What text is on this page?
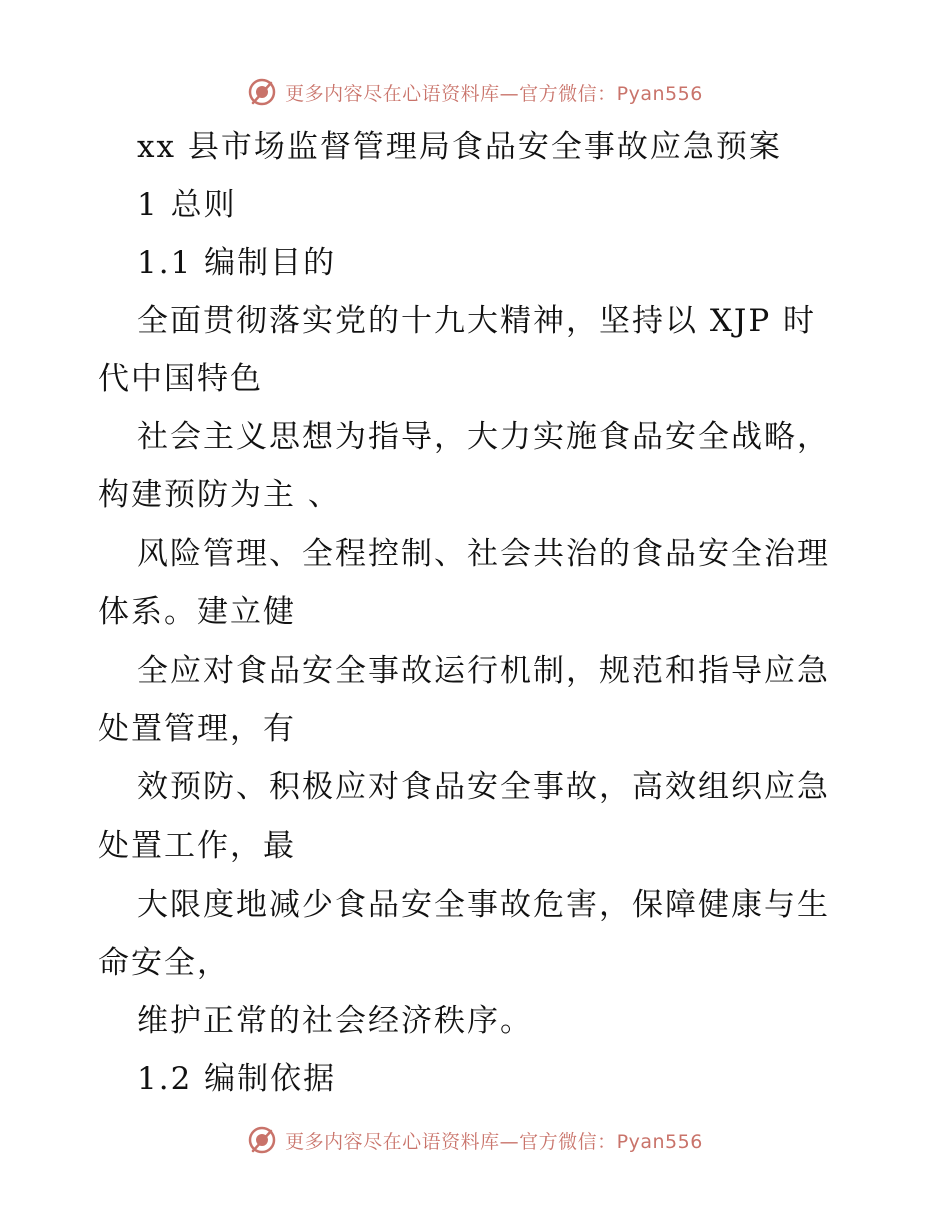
更多内容尽在心语资料库—官方微信：Pyan556
xx 县市场监督管理局食品安全事故应急预案
1 总则
1.1 编制目的
全面贯彻落实党的十九大精神，坚持以 XJP 时
代中国特色
社会主义思想为指导，大力实施食品安全战略，
构建预防为主 、
风险管理、全程控制、社会共治的食品安全治理
体系。建立健
全应对食品安全事故运行机制，规范和指导应急
处置管理，有
效预防、积极应对食品安全事故，高效组织应急
处置工作，最
大限度地减少食品安全事故危害，保障健康与生
命安全，
维护正常的社会经济秩序。
1.2 编制依据
更多内容尽在心语资料库—官方微信：Pyan556
